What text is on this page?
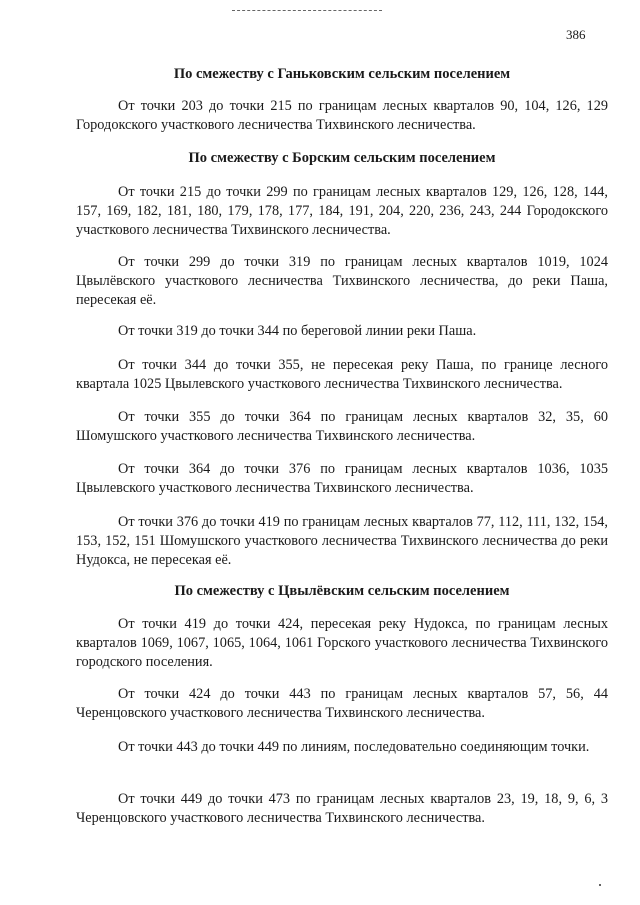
386
По смежеству с Ганьковским сельским поселением

От точки 203 до точки 215 по границам лесных кварталов 90, 104, 126, 129 Городокского участкового лесничества Тихвинского лесничества.

По смежеству с Борским сельским поселением

От точки 215 до точки 299 по границам лесных кварталов 129, 126, 128, 144, 157, 169, 182, 181, 180, 179, 178, 177, 184, 191, 204, 220, 236, 243, 244 Городокского участкового лесничества Тихвинского лесничества.

От точки 299 до точки 319 по границам лесных кварталов 1019, 1024 Цвылёвского участкового лесничества Тихвинского лесничества, до реки Паша, пересекая её.

От точки 319 до точки 344 по береговой линии реки Паша.

От точки 344 до точки 355, не пересекая реку Паша, по границе лесного квартала 1025 Цвылевского участкового лесничества Тихвинского лесничества.

От точки 355 до точки 364 по границам лесных кварталов 32, 35, 60 Шомушского участкового лесничества Тихвинского лесничества.

От точки 364 до точки 376 по границам лесных кварталов 1036, 1035 Цвылевского участкового лесничества Тихвинского лесничества.

От точки 376 до точки 419 по границам лесных кварталов 77, 112, 111, 132, 154, 153, 152, 151 Шомушского участкового лесничества Тихвинского лесничества до реки Нудокса, не пересекая её.

По смежеству с Цвылёвским сельским поселением

От точки 419 до точки 424, пересекая реку Нудокса, по границам лесных кварталов 1069, 1067, 1065, 1064, 1061 Горского участкового лесничества Тихвинского городского поселения.

От точки 424 до точки 443 по границам лесных кварталов 57, 56, 44 Черенцовского участкового лесничества Тихвинского лесничества.

От точки 443 до точки 449 по линиям, последовательно соединяющим точки.

От точки 449 до точки 473 по границам лесных кварталов 23, 19, 18, 9, 6, 3 Черенцовского участкового лесничества Тихвинского лесничества.
